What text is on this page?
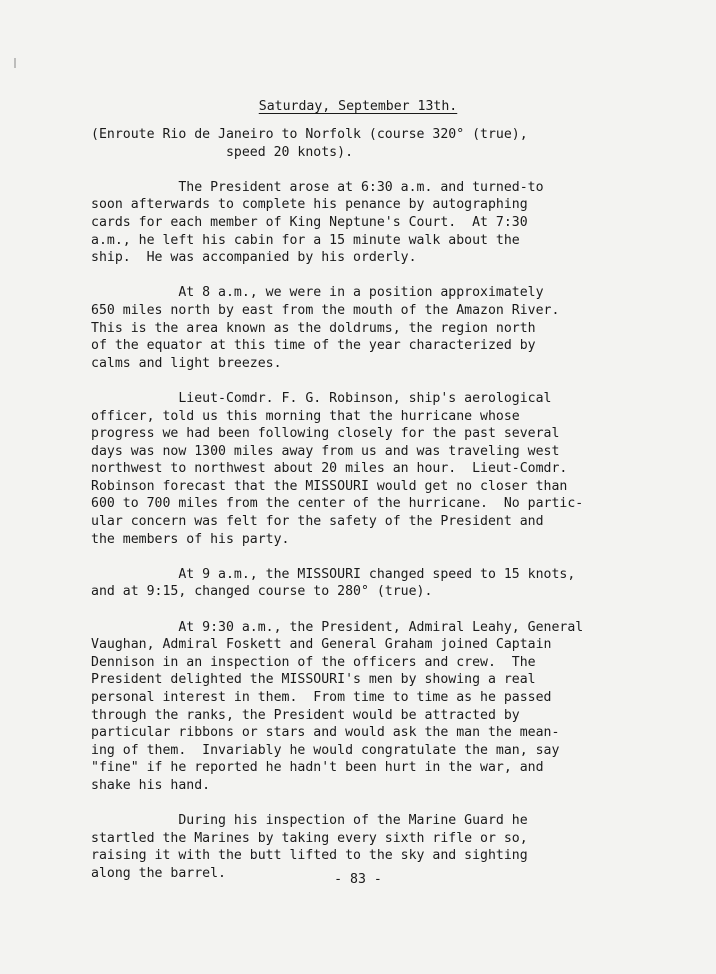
Saturday, September 13th.
(Enroute Rio de Janeiro to Norfolk (course 320° (true),
speed 20 knots).
The President arose at 6:30 a.m. and turned-to
soon afterwards to complete his penance by autographing
cards for each member of King Neptune's Court.  At 7:30
a.m., he left his cabin for a 15 minute walk about the
ship.  He was accompanied by his orderly.
At 8 a.m., we were in a position approximately
650 miles north by east from the mouth of the Amazon River.
This is the area known as the doldrums, the region north
of the equator at this time of the year characterized by
calms and light breezes.
Lieut-Comdr. F. G. Robinson, ship's aerological
officer, told us this morning that the hurricane whose
progress we had been following closely for the past several
days was now 1300 miles away from us and was traveling west
northwest to northwest about 20 miles an hour.  Lieut-Comdr.
Robinson forecast that the MISSOURI would get no closer than
600 to 700 miles from the center of the hurricane.  No partic-
ular concern was felt for the safety of the President and
the members of his party.
At 9 a.m., the MISSOURI changed speed to 15 knots,
and at 9:15, changed course to 280° (true).
At 9:30 a.m., the President, Admiral Leahy, General
Vaughan, Admiral Foskett and General Graham joined Captain
Dennison in an inspection of the officers and crew.  The
President delighted the MISSOURI's men by showing a real
personal interest in them.  From time to time as he passed
through the ranks, the President would be attracted by
particular ribbons or stars and would ask the man the mean-
ing of them.  Invariably he would congratulate the man, say
"fine" if he reported he hadn't been hurt in the war, and
shake his hand.
During his inspection of the Marine Guard he
startled the Marines by taking every sixth rifle or so,
raising it with the butt lifted to the sky and sighting
along the barrel.	- 83 -
